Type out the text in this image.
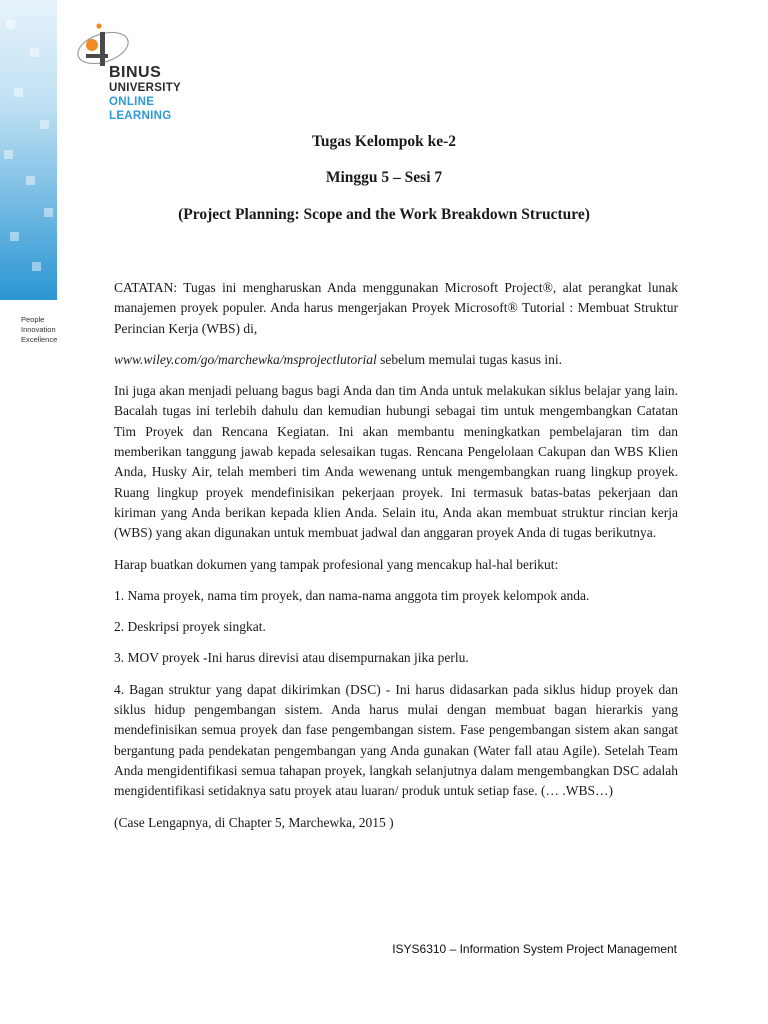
People
Innovation
Excellence
BINUS
UNIVERSITY
ONLINE
LEARNING
Tugas Kelompok ke-2
Minggu 5 – Sesi 7
(Project Planning: Scope and the Work Breakdown Structure)

CATATAN: Tugas ini mengharuskan Anda menggunakan Microsoft Project®, alat perangkat lunak manajemen proyek populer. Anda harus mengerjakan Proyek Microsoft® Tutorial : Membuat Struktur Perincian Kerja (WBS) di,

www.wiley.com/go/marchewka/msprojectlutorial sebelum memulai tugas kasus ini.

Ini juga akan menjadi peluang bagus bagi Anda dan tim Anda untuk melakukan siklus belajar yang lain. Bacalah tugas ini terlebih dahulu dan kemudian hubungi sebagai tim untuk mengembangkan Catatan Tim Proyek dan Rencana Kegiatan. Ini akan membantu meningkatkan pembelajaran tim dan memberikan tanggung jawab kepada selesaikan tugas. Rencana Pengelolaan Cakupan dan WBS Klien Anda, Husky Air, telah memberi tim Anda wewenang untuk mengembangkan ruang lingkup proyek. Ruang lingkup proyek mendefinisikan pekerjaan proyek. Ini termasuk batas-batas pekerjaan dan kiriman yang Anda berikan kepada klien Anda. Selain itu, Anda akan membuat struktur rincian kerja (WBS) yang akan digunakan untuk membuat jadwal dan anggaran proyek Anda di tugas berikutnya.

Harap buatkan dokumen yang tampak profesional yang mencakup hal-hal berikut:

1. Nama proyek, nama tim proyek, dan nama-nama anggota tim proyek kelompok anda.

2. Deskripsi proyek singkat.

3. MOV proyek -Ini harus direvisi atau disempurnakan jika perlu.

4. Bagan struktur yang dapat dikirimkan (DSC) - Ini harus didasarkan pada siklus hidup proyek dan siklus hidup pengembangan sistem. Anda harus mulai dengan membuat bagan hierarkis yang mendefinisikan semua proyek dan fase pengembangan sistem. Fase pengembangan sistem akan sangat bergantung pada pendekatan pengembangan yang Anda gunakan (Water fall atau Agile). Setelah Team Anda mengidentifikasi semua tahapan proyek, langkah selanjutnya dalam mengembangkan DSC adalah mengidentifikasi setidaknya satu proyek atau luaran/ produk untuk setiap fase. (… .WBS…)

(Case Lengapnya, di Chapter 5, Marchewka, 2015 )

ISYS6310 – Information System Project Management
